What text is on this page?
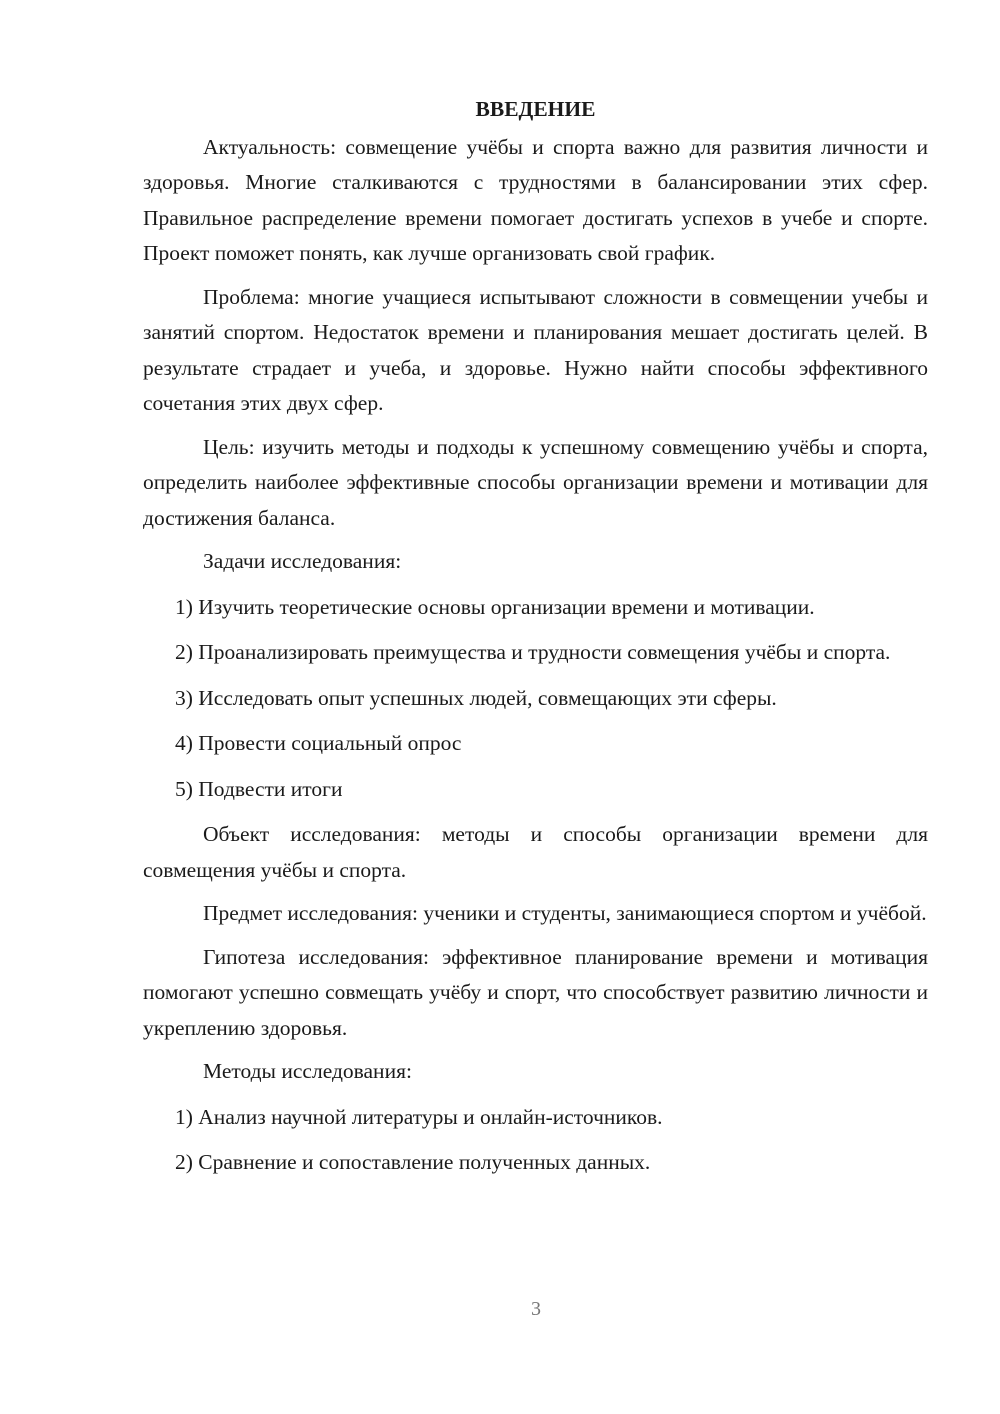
ВВЕДЕНИЕ

Актуальность: совмещение учёбы и спорта важно для развития личности и здоровья. Многие сталкиваются с трудностями в балансировании этих сфер. Правильное распределение времени помогает достигать успехов в учебе и спорте. Проект поможет понять, как лучше организовать свой график.

Проблема: многие учащиеся испытывают сложности в совмещении учебы и занятий спортом. Недостаток времени и планирования мешает достигать целей. В результате страдает и учеба, и здоровье. Нужно найти способы эффективного сочетания этих двух сфер.

Цель: изучить методы и подходы к успешному совмещению учёбы и спорта, определить наиболее эффективные способы организации времени и мотивации для достижения баланса.

Задачи исследования:

1) Изучить теоретические основы организации времени и мотивации.

2) Проанализировать преимущества и трудности совмещения учёбы и спорта.

3) Исследовать опыт успешных людей, совмещающих эти сферы.

4) Провести социальный опрос

5) Подвести итоги

Объект исследования: методы и способы организации времени для совмещения учёбы и спорта.

Предмет исследования: ученики и студенты, занимающиеся спортом и учёбой.

Гипотеза исследования: эффективное планирование времени и мотивация помогают успешно совмещать учёбу и спорт, что способствует развитию личности и укреплению здоровья.

Методы исследования:

1) Анализ научной литературы и онлайн-источников.

2) Сравнение и сопоставление полученных данных.

3
